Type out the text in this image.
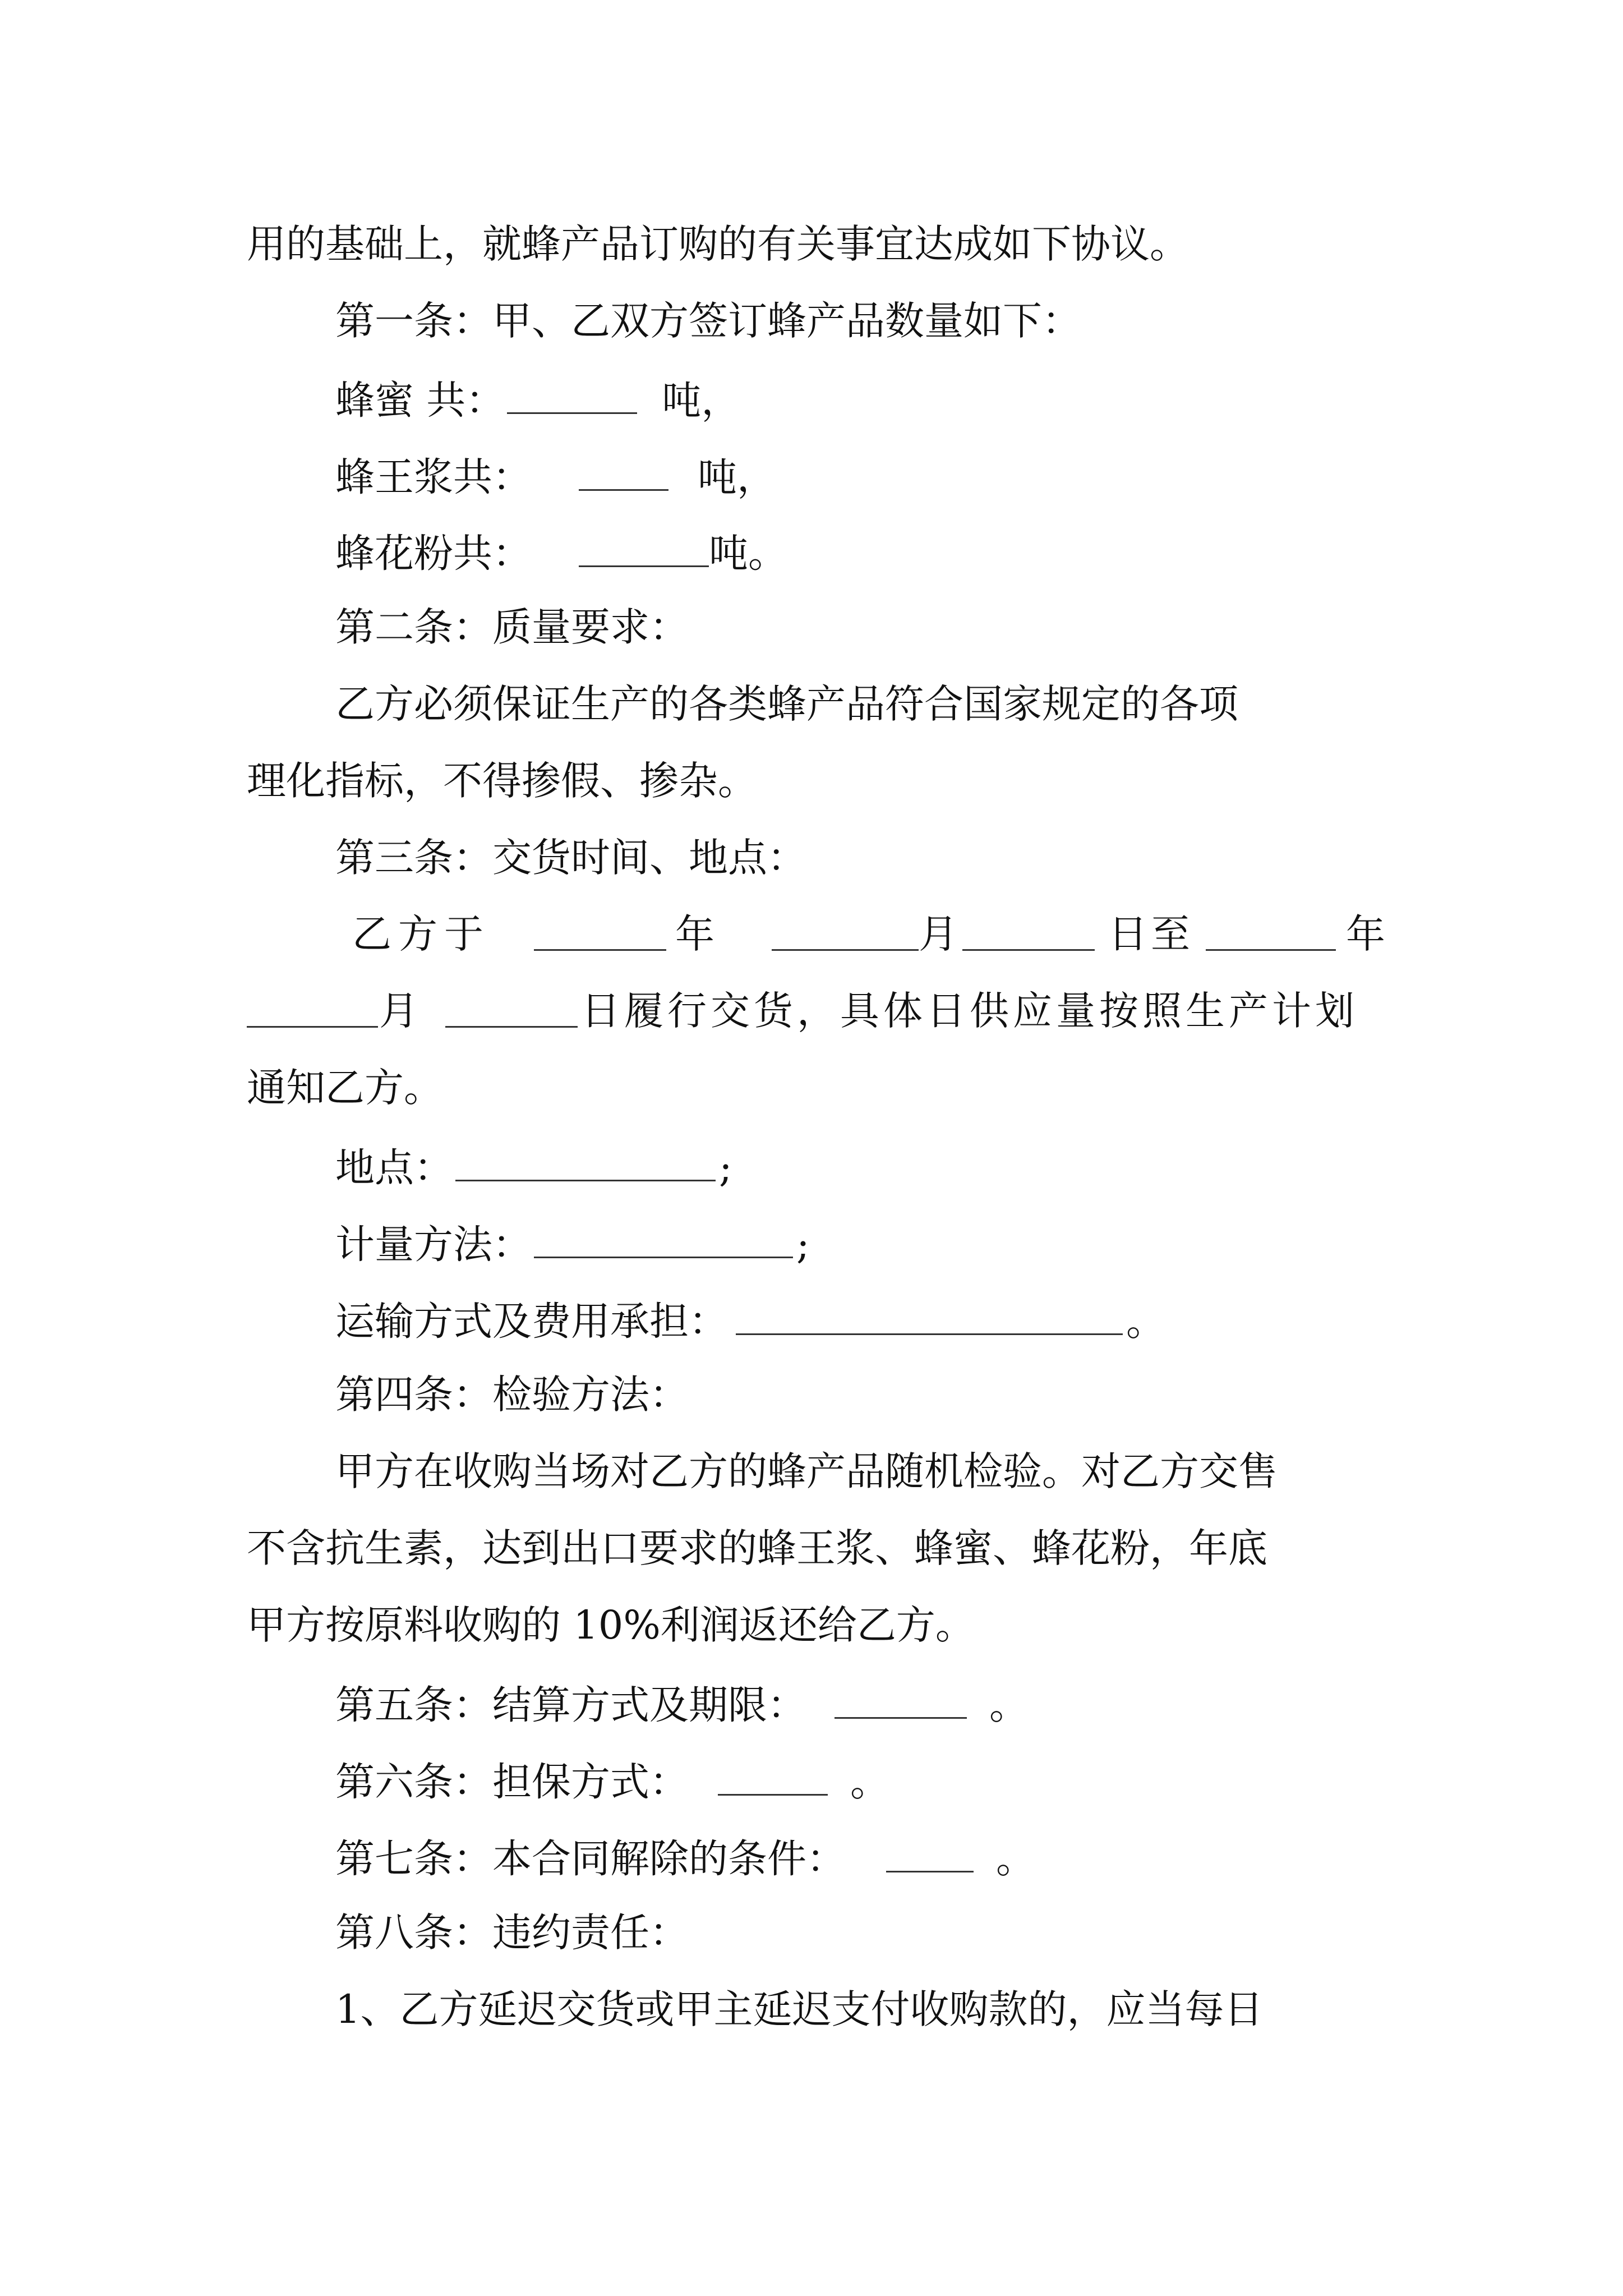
用的基础上，就蜂产品订购的有关事宜达成如下协议。
第一条：甲、乙双方签订蜂产品数量如下：
蜂蜜 共：	吨，
蜂王浆共：	吨，
蜂花粉共：	吨。
第二条：质量要求：
乙方必须保证生产的各类蜂产品符合国家规定的各项
理化指标，不得掺假、掺杂。
第三条：交货时间、地点：
乙方于	年	月	日至	年
月	日履行交货，具体日供应量按照生产计划
通知乙方。
地点：	;
计量方法：	;
运输方式及费用承担：	。
第四条：检验方法：
甲方在收购当场对乙方的蜂产品随机检验。对乙方交售
不含抗生素，达到出口要求的蜂王浆、蜂蜜、蜂花粉，年底
甲方按原料收购的 10%利润返还给乙方。
第五条：结算方式及期限：	。
第六条：担保方式：	。
第七条：本合同解除的条件：	。
第八条：违约责任：
1、乙方延迟交货或甲主延迟支付收购款的，应当每日
